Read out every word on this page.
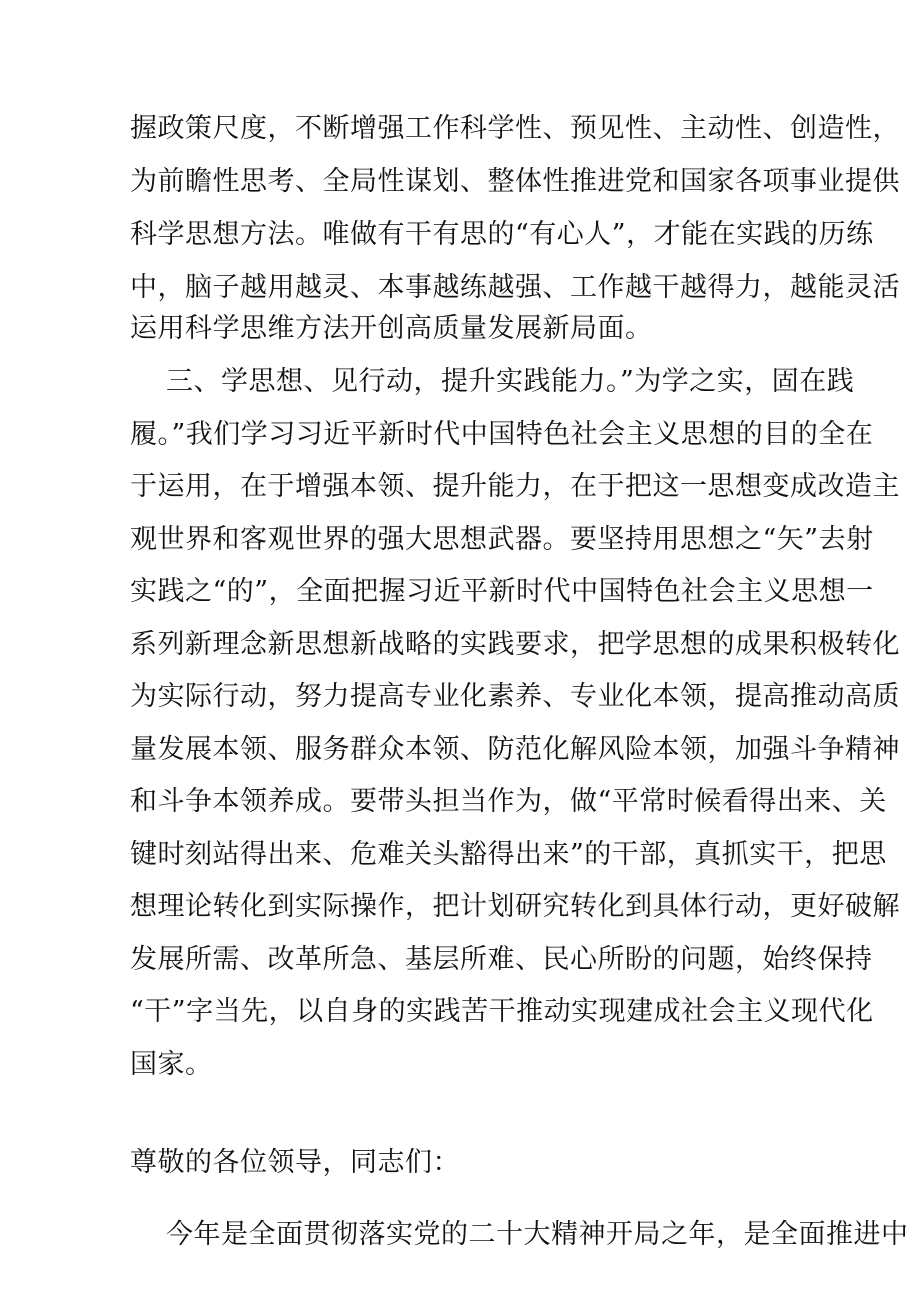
握政策尺度，不断增强工作科学性、预见性、主动性、创造性，
为前瞻性思考、全局性谋划、整体性推进党和国家各项事业提供
科学思想方法。唯做有干有思的“有心人”，才能在实践的历练
中，脑子越用越灵、本事越练越强、工作越干越得力，越能灵活
运用科学思维方法开创高质量发展新局面。
三、学思想、见行动，提升实践能力。”为学之实，固在践
履。”我们学习习近平新时代中国特色社会主义思想的目的全在
于运用，在于增强本领、提升能力，在于把这一思想变成改造主
观世界和客观世界的强大思想武器。要坚持用思想之“矢”去射
实践之“的”，全面把握习近平新时代中国特色社会主义思想一
系列新理念新思想新战略的实践要求，把学思想的成果积极转化
为实际行动，努力提高专业化素养、专业化本领，提高推动高质
量发展本领、服务群众本领、防范化解风险本领，加强斗争精神
和斗争本领养成。要带头担当作为，做“平常时候看得出来、关
键时刻站得出来、危难关头豁得出来”的干部，真抓实干，把思
想理论转化到实际操作，把计划研究转化到具体行动，更好破解
发展所需、改革所急、基层所难、民心所盼的问题，始终保持
“干”字当先，以自身的实践苦干推动实现建成社会主义现代化
国家。
尊敬的各位领导，同志们：
今年是全面贯彻落实党的二十大精神开局之年，是全面推进中
